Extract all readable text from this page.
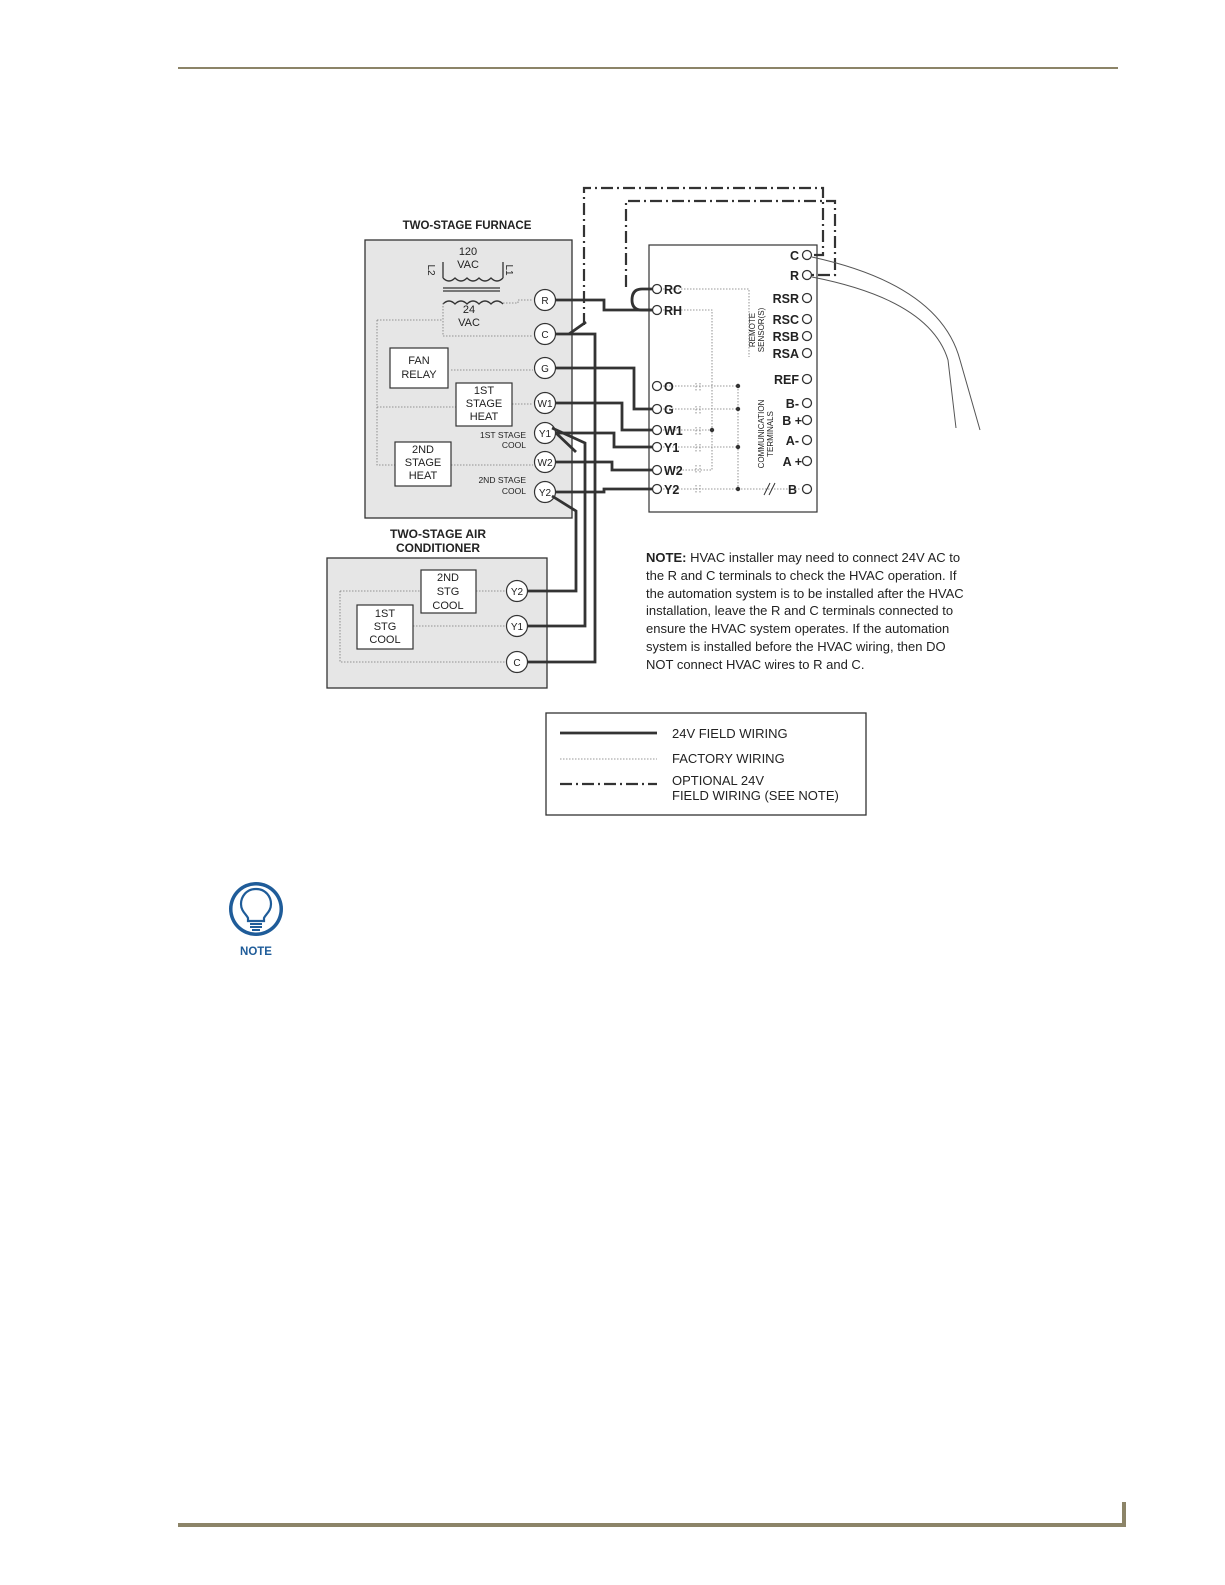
TWO-STAGE FURNACE
120
VAC
L2	L1
24
VAC
FAN
RELAY
1ST
STAGE
HEAT
2ND
STAGE
HEAT
1ST STAGE
COOL
2ND STAGE
COOL
R
C
G
W1
Y1
W2
Y2
TWO-STAGE AIR
CONDITIONER
2ND
STG
COOL
1ST
STG
COOL
Y2
Y1
C
RC
RH
O
G
W1
Y1
W2
Y2
C
R
RSR
RSC
RSB
RSA
REF
B-
B +
A-
A +
B
REMOTE SENSOR(S)
COMMUNICATION TERMINALS
24V FIELD WIRING
FACTORY WIRING
OPTIONAL 24V
FIELD WIRING (SEE NOTE)
NOTE: HVAC installer may need to connect 24V AC to the R and C terminals to check the HVAC operation. If the automation system is to be installed after the HVAC installation, leave the R and C terminals connected to ensure the HVAC system operates. If the automation system is installed before the HVAC wiring, then DO NOT connect HVAC wires to R and C.
NOTE
